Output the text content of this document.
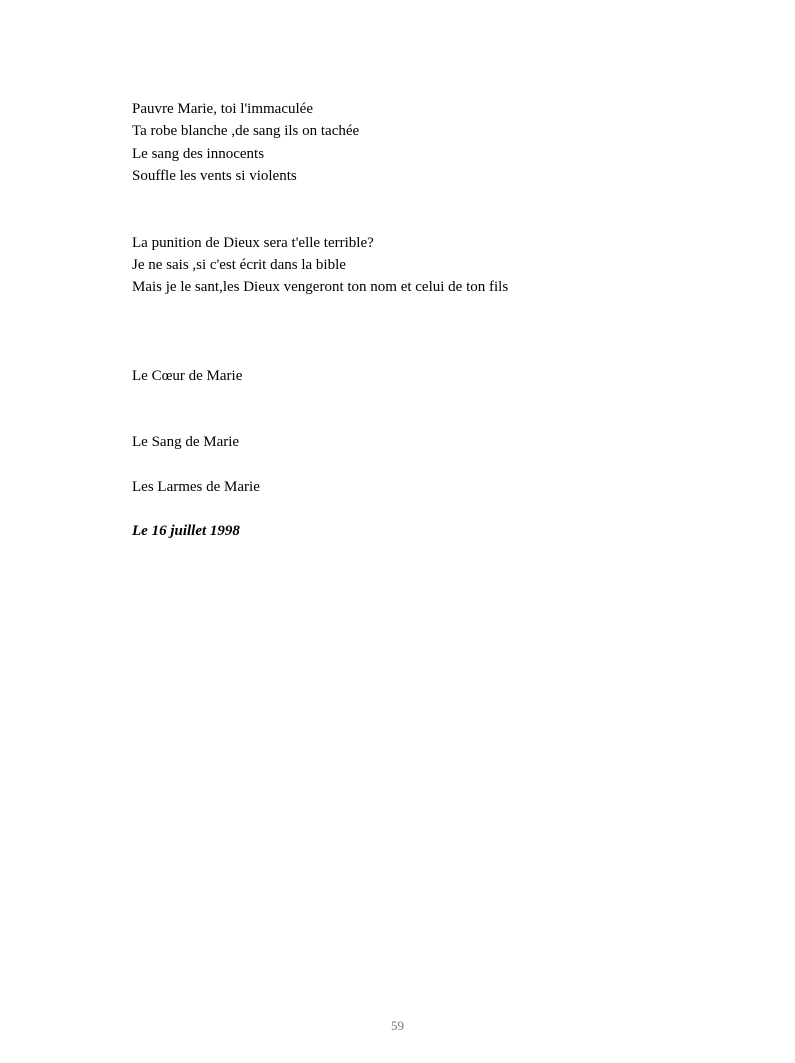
Pauvre Marie, toi l'immaculée
Ta robe blanche ,de sang ils on tachée
Le sang des innocents
Souffle les vents si violents
La punition de Dieux sera t'elle terrible?
Je ne sais ,si c'est écrit dans la bible
Mais je le sant,les Dieux vengeront ton nom et celui de ton fils
Le Cœur de Marie
Le Sang de Marie
Les Larmes de Marie
Le 16 juillet 1998
59
